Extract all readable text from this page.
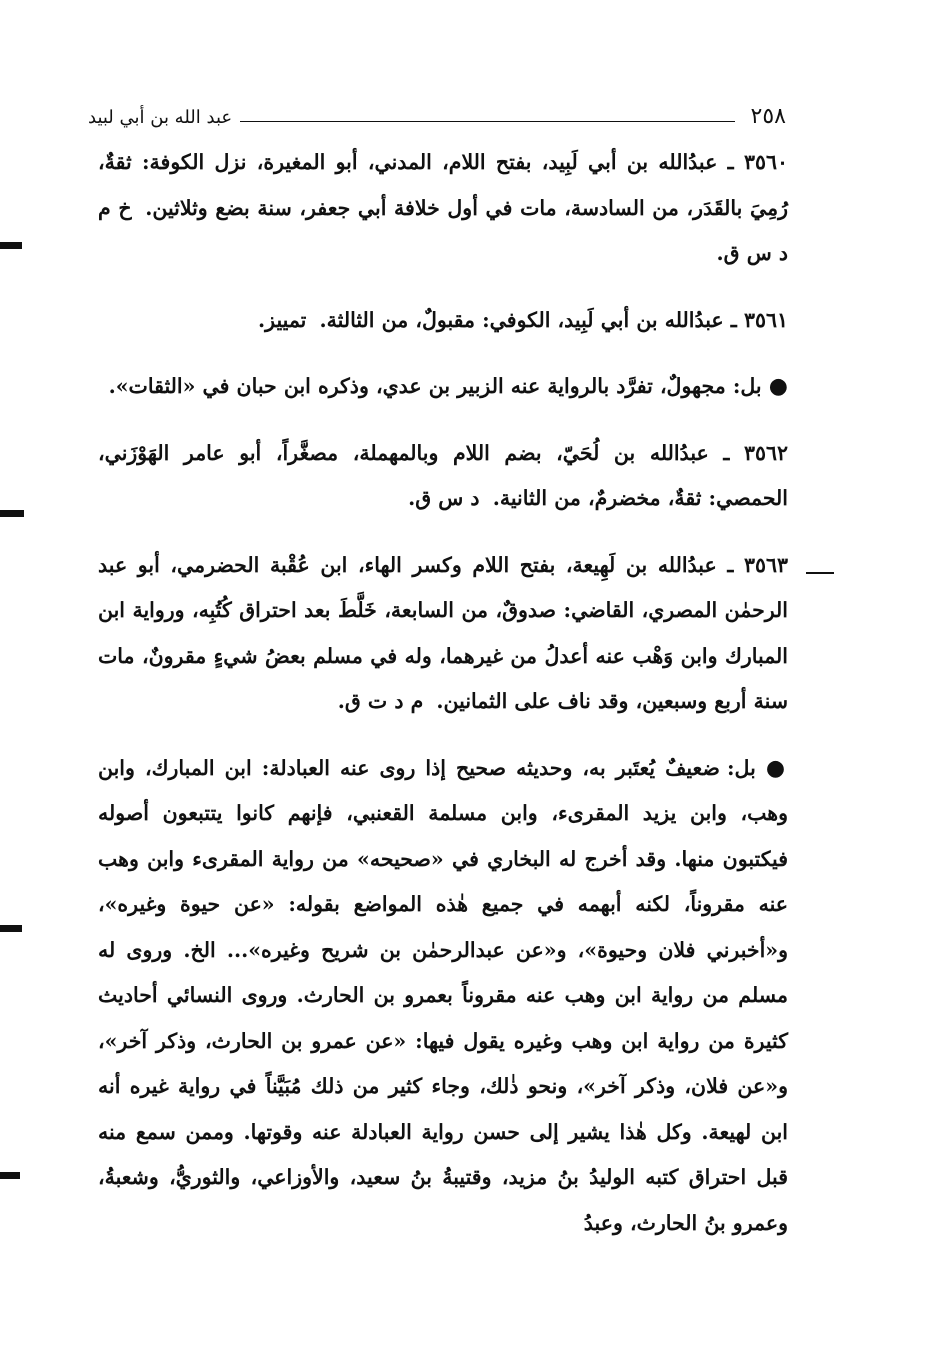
٢٥٨
عبد الله بن أبي لبيد

٣٥٦٠ ـ عبدُالله بن أبي لَبِيد، بفتح اللام، المدني، أبو المغيرة، نزل الكوفة: ثقةٌ، رُمِيَ بالقَدَر، من السادسة، مات في أول خلافة أبي جعفر، سنة بضع وثلاثين. خ م د س ق.

٣٥٦١ ـ عبدُالله بن أبي لَبِيد، الكوفي: مقبولٌ، من الثالثة. تمييز.

● بل: مجهولٌ، تفرَّد بالرواية عنه الزبير بن عدي، وذكره ابن حبان في «الثقات».

٣٥٦٢ ـ عبدُالله بن لُحَيّ، بضم اللام وبالمهملة، مصغَّراً، أبو عامر الهَوْزَني، الحمصي: ثقةٌ، مخضرمٌ، من الثانية. د س ق.

٣٥٦٣ ـ عبدُالله بن لَهِيعة، بفتح اللام وكسر الهاء، ابن عُقْبة الحضرمي، أبو عبد الرحمٰن المصري، القاضي: صدوقٌ، من السابعة، خَلَّطَ بعد احتراق كُتُبِه، ورواية ابن المبارك وابن وَهْب عنه أعدلُ من غيرهما، وله في مسلم بعضُ شيءٍ مقرونٌ، مات سنة أربع وسبعين، وقد ناف على الثمانين. م د ت ق.

● بل: ضعيفٌ يُعتَبر به، وحديثه صحيح إذا روى عنه العبادلة: ابن المبارك، وابن وهب، وابن يزيد المقرىء، وابن مسلمة القعنبي، فإنهم كانوا يتتبعون أصوله فيكتبون منها. وقد أخرج له البخاري في «صحيحه» من رواية المقرىء وابن وهب عنه مقروناً، لكنه أبهمه في جميع هٰذه المواضع بقوله: «عن حيوة وغيره»، و«أخبرني فلان وحيوة»، و«عن عبدالرحمٰن بن شريح وغيره»... الخ. وروى له مسلم من رواية ابن وهب عنه مقروناً بعمرو بن الحارث. وروى النسائي أحاديث كثيرة من رواية ابن وهب وغيره يقول فيها: «عن عمرو بن الحارث، وذكر آخر»، و«عن فلان، وذكر آخر»، ونحو ذٰلك، وجاء كثير من ذلك مُبَيَّناً في رواية غيره أنه ابن لهيعة. وكل هٰذا يشير إلى حسن رواية العبادلة عنه وقوتها. وممن سمع منه قبل احتراق كتبه الوليدُ بنُ مزيد، وقتيبةُ بنُ سعيد، والأوزاعي، والثوريُّ، وشعبةُ، وعمرو بنُ الحارث، وعبدُ
